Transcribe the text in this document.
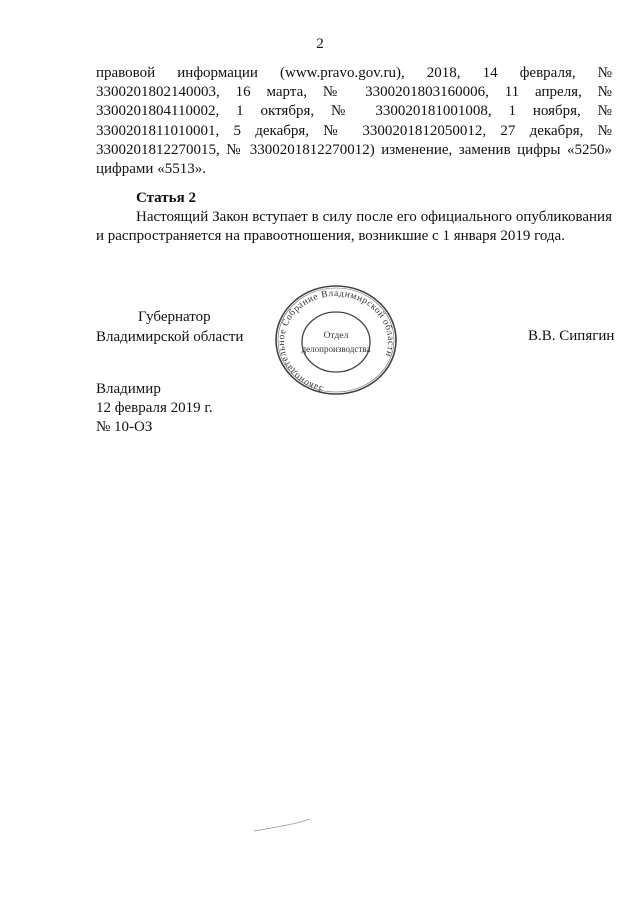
2

правовой информации (www.pravo.gov.ru), 2018, 14 февраля, № 3300201802140003, 16 марта, № 3300201803160006, 11 апреля, № 3300201804110002, 1 октября, № 330020181001008, 1 ноября, № 3300201811010001, 5 декабря, № 3300201812050012, 27 декабря, № 3300201812270015, № 3300201812270012) изменение, заменив цифры «5250» цифрами «5513».

Статья 2

Настоящий Закон вступает в силу после его официального опубликования и распространяется на правоотношения, возникшие с 1 января 2019 года.

Губернатор
Владимирской области
Законодательное Собрание Владимирской области
Отдел
делопроизводства
В.В. Сипягин
Владимир
12 февраля 2019 г.
№ 10-ОЗ
